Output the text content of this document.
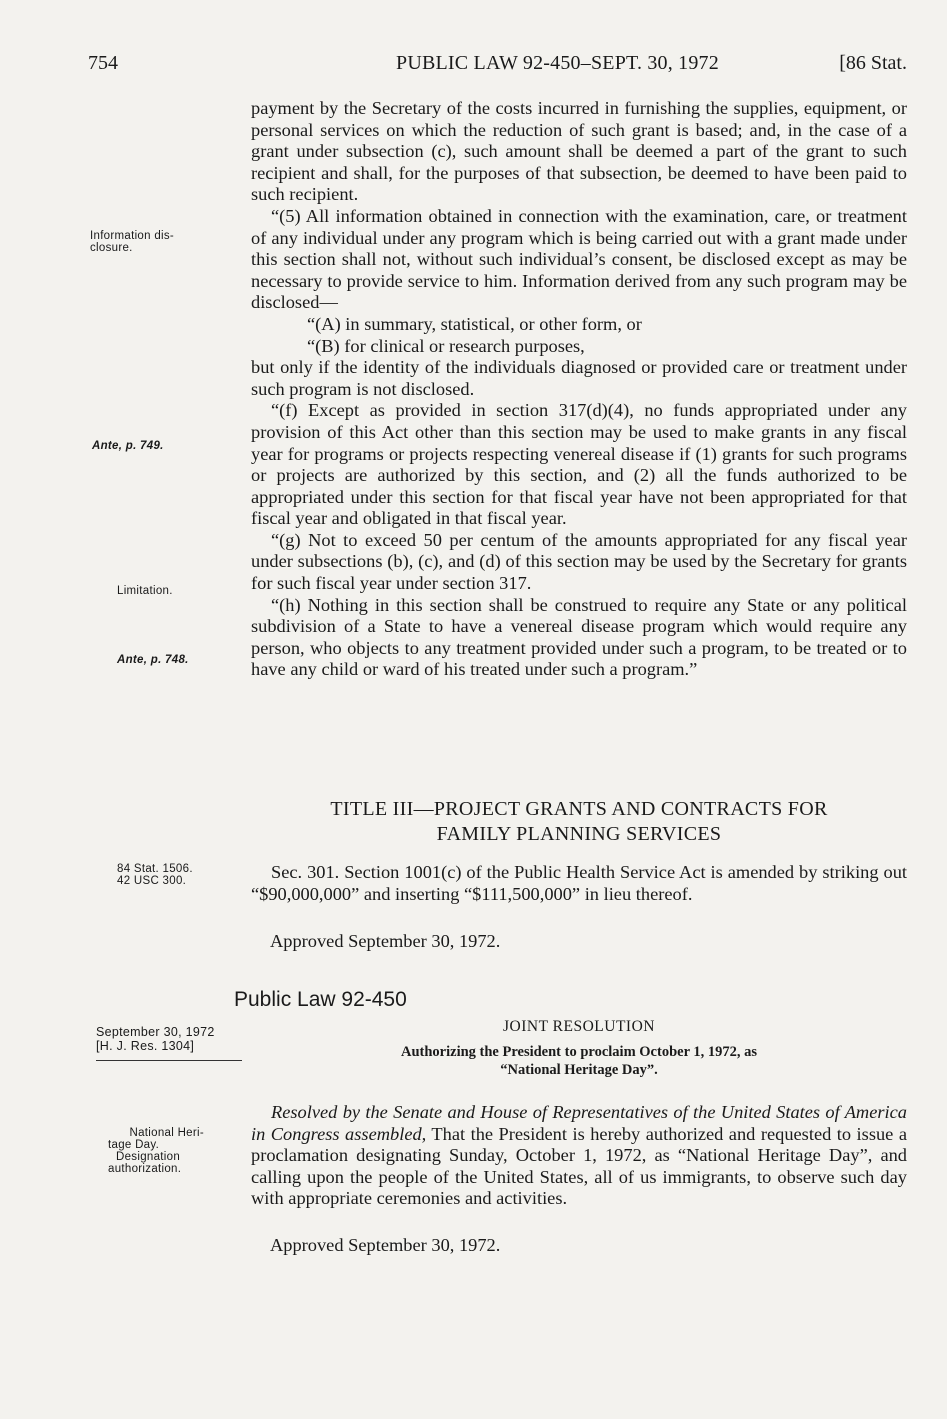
754	PUBLIC LAW 92-450–SEPT. 30, 1972	[86 Stat.

payment by the Secretary of the costs incurred in furnishing the supplies, equipment, or personal services on which the reduction of such grant is based; and, in the case of a grant under subsection (c), such amount shall be deemed a part of the grant to such recipient and shall, for the purposes of that subsection, be deemed to have been paid to such recipient.

“(5) All information obtained in connection with the examination, care, or treatment of any individual under any program which is being carried out with a grant made under this section shall not, without such individual’s consent, be disclosed except as may be necessary to provide service to him. Information derived from any such program may be disclosed—

“(A) in summary, statistical, or other form, or

“(B) for clinical or research purposes,

but only if the identity of the individuals diagnosed or provided care or treatment under such program is not disclosed.

“(f) Except as provided in section 317(d)(4), no funds appropriated under any provision of this Act other than this section may be used to make grants in any fiscal year for programs or projects respecting venereal disease if (1) grants for such programs or projects are authorized by this section, and (2) all the funds authorized to be appropriated under this section for that fiscal year have not been appropriated for that fiscal year and obligated in that fiscal year.

“(g) Not to exceed 50 per centum of the amounts appropriated for any fiscal year under subsections (b), (c), and (d) of this section may be used by the Secretary for grants for such fiscal year under section 317.

“(h) Nothing in this section shall be construed to require any State or any political subdivision of a State to have a venereal disease program which would require any person, who objects to any treatment provided under such a program, to be treated or to have any child or ward of his treated under such a program.”

TITLE III—PROJECT GRANTS AND CONTRACTS FOR
FAMILY PLANNING SERVICES

Sec. 301. Section 1001(c) of the Public Health Service Act is amended by striking out “$90,000,000” and inserting “$111,500,000” in lieu thereof.

Approved September 30, 1972.
Public Law 92-450
JOINT RESOLUTION
Authorizing the President to proclaim October 1, 1972, as
“National Heritage Day”.

Resolved by the Senate and House of Representatives of the United States of America in Congress assembled, That the President is hereby authorized and requested to issue a proclamation designating Sunday, October 1, 1972, as “National Heritage Day”, and calling upon the people of the United States, all of us immigrants, to observe such day with appropriate ceremonies and activities.

Approved September 30, 1972.
Information dis-
closure.
Ante, p. 749.
Limitation.
Ante, p. 748.
84 Stat. 1506.
42 USC 300.
September 30, 1972
[H. J. Res. 1304]
National Heri-
tage Day.
Designation
authorization.
